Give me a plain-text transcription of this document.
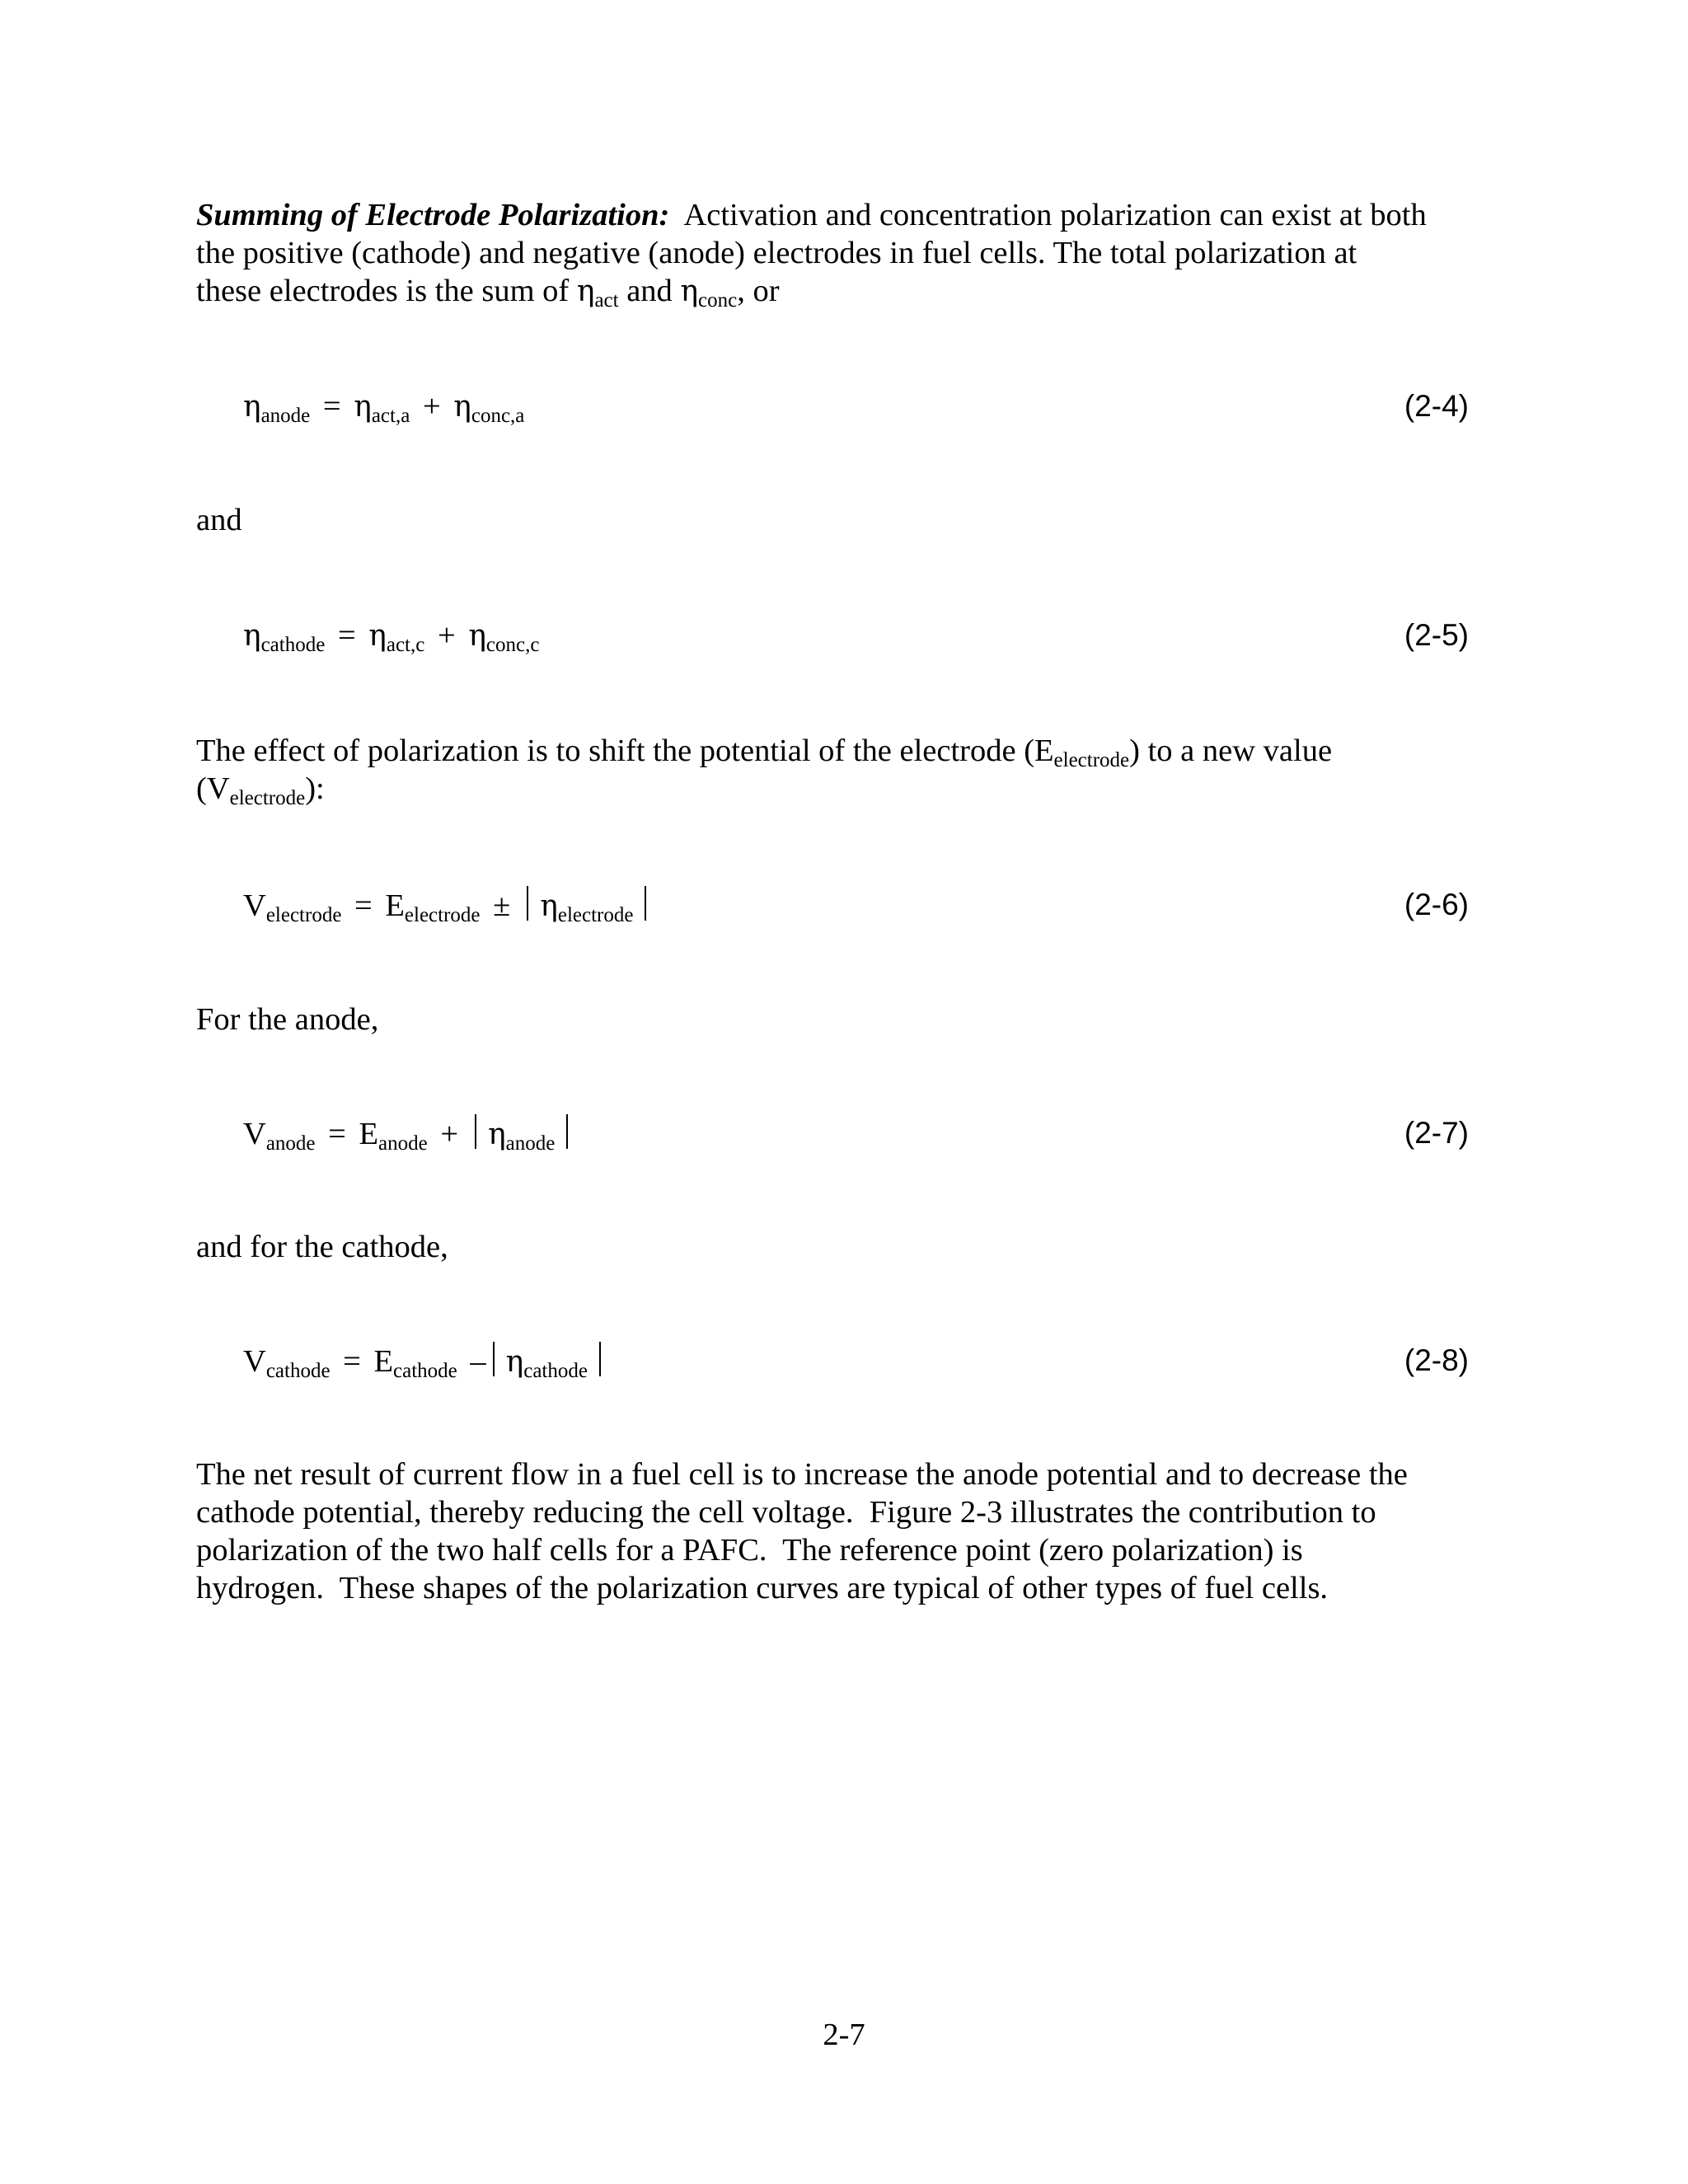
Summing of Electrode Polarization:  Activation and concentration polarization can exist at both
the positive (cathode) and negative (anode) electrodes in fuel cells. The total polarization at
these electrodes is the sum of $\eta_{act}$ and $\eta_{conc}$, or

$\eta_{anode} = \eta_{act,a} + \eta_{conc,a}$	(2-4)

and

$\eta_{cathode} = \eta_{act,c} + \eta_{conc,c}$	(2-5)

The effect of polarization is to shift the potential of the electrode $(E_{electrode})$ to a new value
$(V_{electrode})$:

$V_{electrode} = E_{electrode} \pm \eta_{electrode}$	(2-6)

For the anode,

$V_{anode} = E_{anode} + \eta_{anode}$	(2-7)

and for the cathode,

$V_{cathode} = E_{cathode} - \eta_{cathode}$	(2-8)

The net result of current flow in a fuel cell is to increase the anode potential and to decrease the
cathode potential, thereby reducing the cell voltage.  Figure 2-3 illustrates the contribution to
polarization of the two half cells for a PAFC.  The reference point (zero polarization) is
hydrogen.  These shapes of the polarization curves are typical of other types of fuel cells.

2-7
